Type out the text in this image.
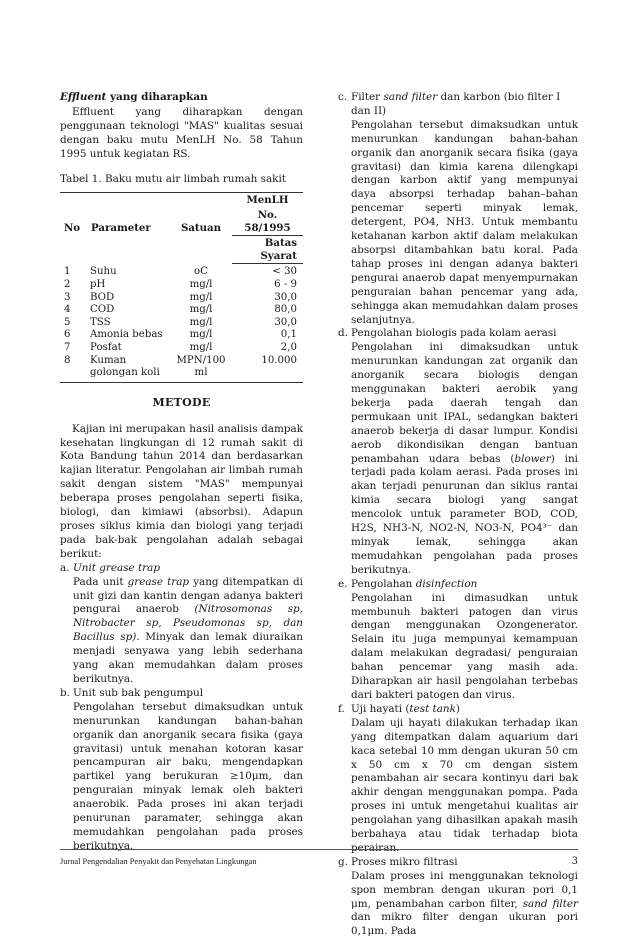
Effluent yang diharapkan

Effluent yang diharapkan dengan penggunaan teknologi "MAS" kualitas sesuai dengan baku mutu MenLH No. 58 Tahun 1995 untuk kegiatan RS.

Tabel 1. Baku mutu air limbah rumah sakit
No	Parameter	Satuan	MenLH
			No. 58/1995
			Batas Syarat
1	Suhu	oC	< 30
2	pH	mg/l	6 - 9
3	BOD	mg/l	30,0
4	COD	mg/l	80,0
5	TSS	mg/l	30,0
6	Amonia bebas	mg/l	0,1
7	Posfat	mg/l	2,0
8	Kuman	MPN/100	10.000
	golongan koli	ml	
METODE

Kajian ini merupakan hasil analisis dampak kesehatan lingkungan di 12 rumah sakit di Kota Bandung tahun 2014 dan berdasarkan kajian literatur. Pengolahan air limbah rumah sakit dengan sistem "MAS" mempunyai beberapa proses pengolahan seperti fisika, biologi, dan kimiawi (absorbsi). Adapun proses siklus kimia dan biologi yang terjadi pada bak-bak pengolahan adalah sebagai berikut:

a. Unit grease trap

Pada unit grease trap yang ditempatkan di unit gizi dan kantin dengan adanya bakteri pengurai anaerob (Nitrosomonas sp, Nitrobacter sp, Pseudomonas sp, dan Bacillus sp). Minyak dan lemak diuraikan menjadi senyawa yang lebih sederhana yang akan memudahkan dalam proses berikutnya.

b. Unit sub bak pengumpul

Pengolahan tersebut dimaksudkan untuk menurunkan kandungan bahan-bahan organik dan anorganik secara fisika (gaya gravitasi) untuk menahan kotoran kasar pencampuran air baku, mengendapkan partikel yang berukuran ≥10μm, dan penguraian minyak lemak oleh bakteri anaerobik. Pada proses ini akan terjadi penurunan paramater, sehingga akan memudahkan pengolahan pada proses berikutnya.

c. Filter sand filter dan karbon (bio filter I dan II)

Pengolahan tersebut dimaksudkan untuk menurunkan kandungan bahan-bahan organik dan anorganik secara fisika (gaya gravitasi) dan kimia karena dilengkapi dengan karbon aktif yang mempunyai daya absorpsi terhadap bahan–bahan pencemar seperti minyak lemak, detergent, PO4, NH3. Untuk membantu ketahanan karbon aktif dalam melakukan absorpsi ditambahkan batu koral. Pada tahap proses ini dengan adanya bakteri pengurai anaerob dapat menyempurnakan penguraian bahan pencemar yang ada, sehingga akan memudahkan dalam proses selanjutnya.

d. Pengolahan biologis pada kolam aerasi

Pengolahan ini dimaksudkan untuk menurunkan kandungan zat organik dan anorganik secara biologis dengan menggunakan bakteri aerobik yang bekerja pada daerah tengah dan permukaan unit IPAL, sedangkan bakteri anaerob bekerja di dasar lumpur. Kondisi aerob dikondisikan dengan bantuan penambahan udara bebas (blower) ini terjadi pada kolam aerasi. Pada proses ini akan terjadi penurunan dan siklus rantai kimia secara biologi yang sangat mencolok untuk parameter BOD, COD, H2S, NH3-N, NO2-N, NO3-N, PO4³⁻ dan minyak lemak, sehingga akan memudahkan pengolahan pada proses berikutnya.

e. Pengolahan disinfection

Pengolahan ini dimasudkan untuk membunuh bakteri patogen dan virus dengan menggunakan Ozongenerator. Selain itu juga mempunyai kemampuan dalam melakukan degradasi/ penguraian bahan pencemar yang masih ada. Diharapkan air hasil pengolahan terbebas dari bakteri patogen dan virus.

f. Uji hayati (test tank)

Dalam uji hayati dilakukan terhadap ikan yang ditempatkan dalam aquarium dari kaca setebal 10 mm dengan ukuran 50 cm x 50 cm x 70 cm dengan sistem penambahan air secara kontinyu dari bak akhir dengan menggunakan pompa. Pada proses ini untuk mengetahui kualitas air pengolahan yang dihasilkan apakah masih berbahaya atau tidak terhadap biota perairan.

g. Proses mikro filtrasi

Dalam proses ini menggunakan teknologi spon membran dengan ukuran pori 0,1 μm, penambahan carbon filter, sand filter dan mikro filter dengan ukuran pori 0,1μm. Pada

Jurnal Pengendalian Penyakit dan Penyehatan Lingkungan	3
